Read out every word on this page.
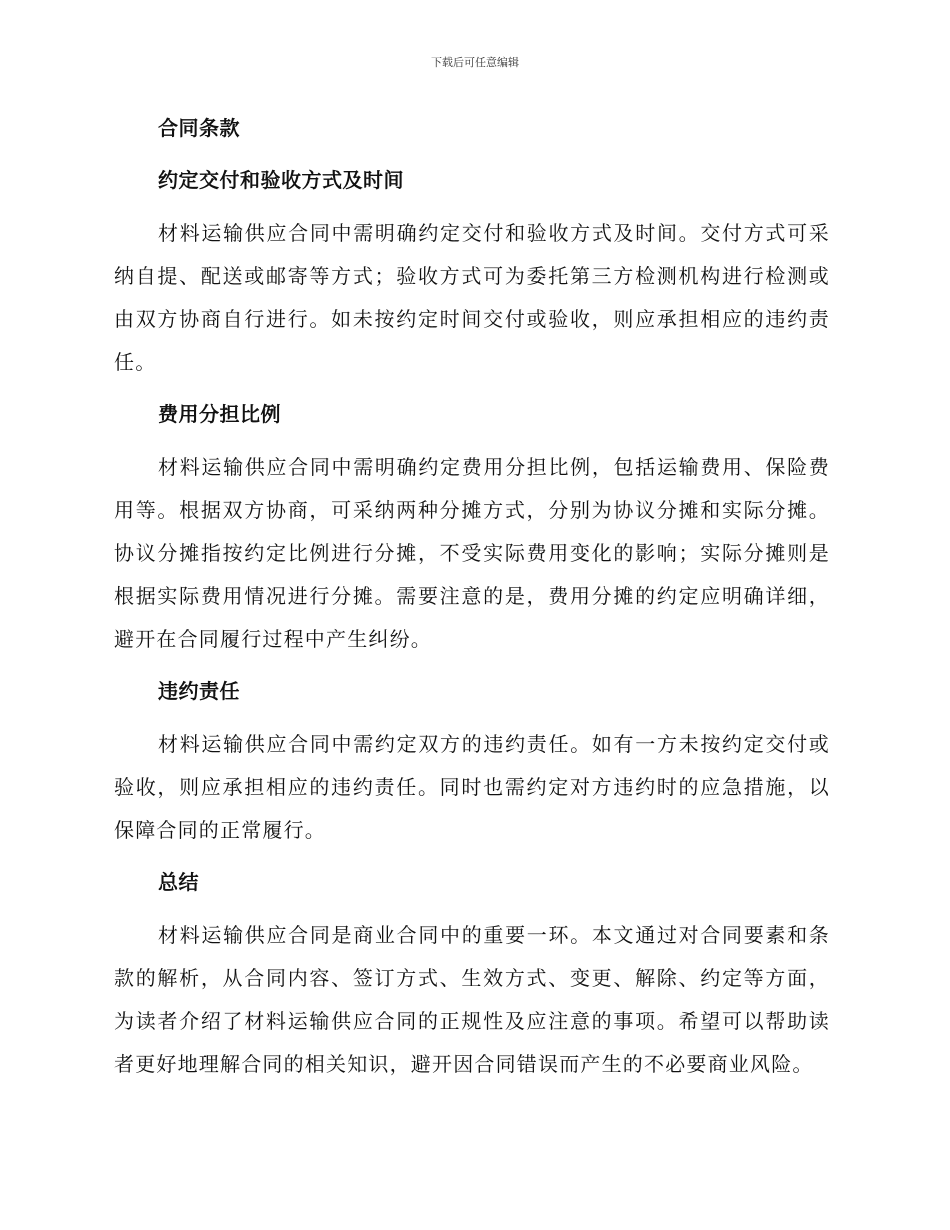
下载后可任意编辑
合同条款
约定交付和验收方式及时间

材料运输供应合同中需明确约定交付和验收方式及时间。交付方式可采纳自提、配送或邮寄等方式；验收方式可为委托第三方检测机构进行检测或由双方协商自行进行。如未按约定时间交付或验收，则应承担相应的违约责任。

费用分担比例

材料运输供应合同中需明确约定费用分担比例，包括运输费用、保险费用等。根据双方协商，可采纳两种分摊方式，分别为协议分摊和实际分摊。协议分摊指按约定比例进行分摊，不受实际费用变化的影响；实际分摊则是根据实际费用情况进行分摊。需要注意的是，费用分摊的约定应明确详细，避开在合同履行过程中产生纠纷。

违约责任

材料运输供应合同中需约定双方的违约责任。如有一方未按约定交付或验收，则应承担相应的违约责任。同时也需约定对方违约时的应急措施，以保障合同的正常履行。

总结

材料运输供应合同是商业合同中的重要一环。本文通过对合同要素和条款的解析，从合同内容、签订方式、生效方式、变更、解除、约定等方面，为读者介绍了材料运输供应合同的正规性及应注意的事项。希望可以帮助读者更好地理解合同的相关知识，避开因合同错误而产生的不必要商业风险。
